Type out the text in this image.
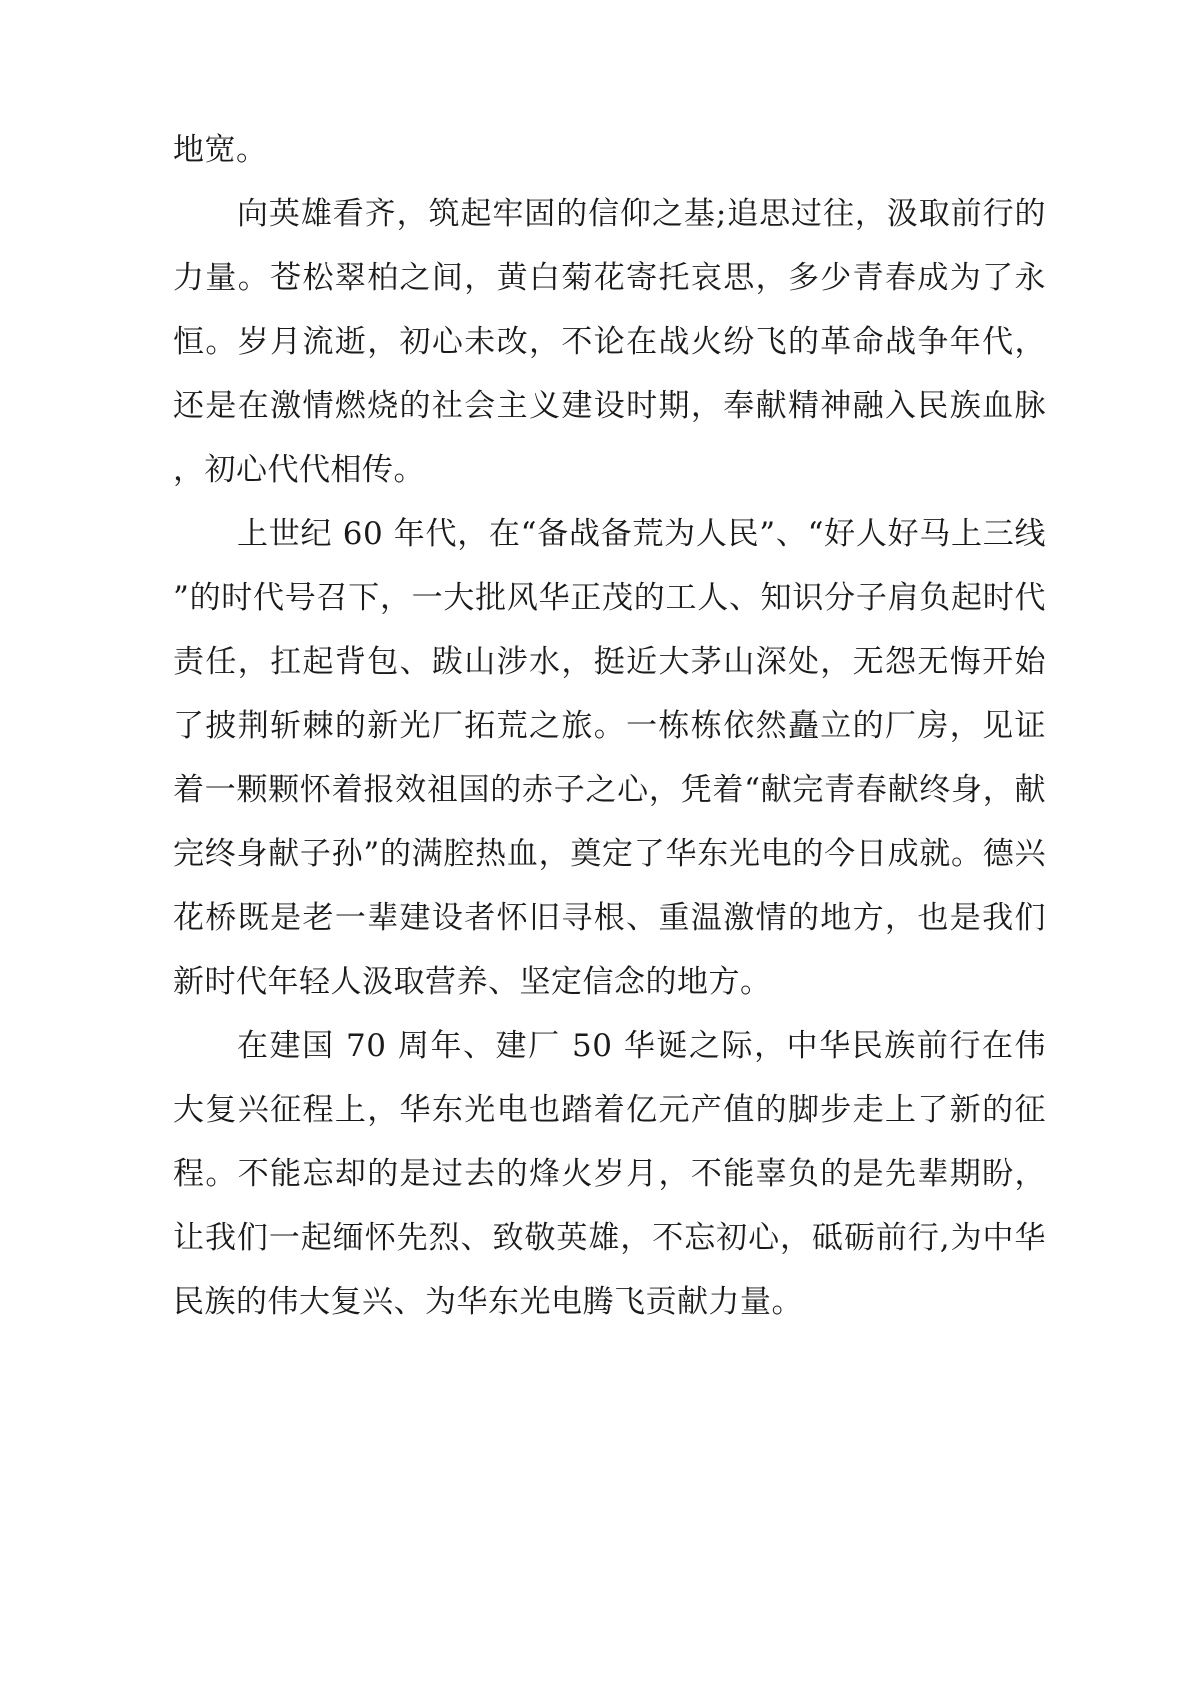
地宽。

向英雄看齐，筑起牢固的信仰之基;追思过往，汲取前行的力量。苍松翠柏之间，黄白菊花寄托哀思，多少青春成为了永恒。岁月流逝，初心未改，不论在战火纷飞的革命战争年代，还是在激情燃烧的社会主义建设时期，奉献精神融入民族血脉，初心代代相传。

上世纪 60 年代，在“备战备荒为人民”、“好人好马上三线”的时代号召下，一大批风华正茂的工人、知识分子肩负起时代责任，扛起背包、跋山涉水，挺近大茅山深处，无怨无悔开始了披荆斩棘的新光厂拓荒之旅。一栋栋依然矗立的厂房，见证着一颗颗怀着报效祖国的赤子之心，凭着“献完青春献终身，献完终身献子孙”的满腔热血，奠定了华东光电的今日成就。德兴花桥既是老一辈建设者怀旧寻根、重温激情的地方，也是我们新时代年轻人汲取营养、坚定信念的地方。

在建国 70 周年、建厂 50 华诞之际，中华民族前行在伟大复兴征程上，华东光电也踏着亿元产值的脚步走上了新的征程。不能忘却的是过去的烽火岁月，不能辜负的是先辈期盼，让我们一起缅怀先烈、致敬英雄，不忘初心，砥砺前行,为中华民族的伟大复兴、为华东光电腾飞贡献力量。
